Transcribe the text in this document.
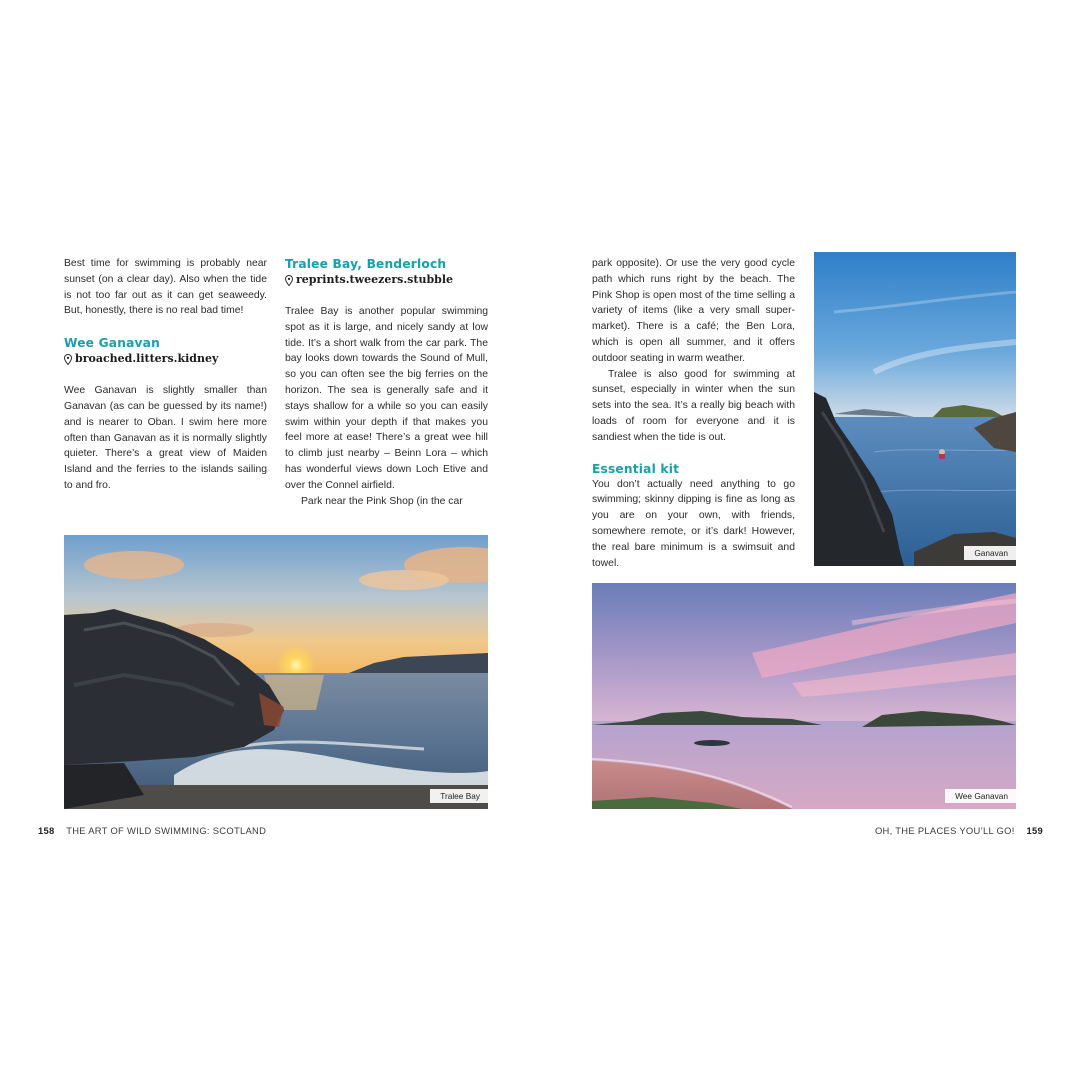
Best time for swimming is probably near sunset (on a clear day). Also when the tide is not too far out as it can get seaweedy. But, honestly, there is no real bad time!

Wee Ganavan

broached.litters.kidney

Wee Ganavan is slightly smaller than Ganavan (as can be guessed by its name!) and is nearer to Oban. I swim here more often than Ganavan as it is normally slightly quieter. There’s a great view of Maiden Island and the ferries to the islands sailing to and fro.

Tralee Bay, Benderloch

reprints.tweezers.stubble

Tralee Bay is another popular swimming spot as it is large, and nicely sandy at low tide. It’s a short walk from the car park. The bay looks down towards the Sound of Mull, so you can often see the big ferries on the horizon. The sea is generally safe and it stays shallow for a while so you can easily swim within your depth if that makes you feel more at ease! There’s a great wee hill to climb just nearby – Beinn Lora – which has wonderful views down Loch Etive and over the Connel airfield.

Park near the Pink Shop (in the car

Tralee Bay

park opposite). Or use the very good cycle path which runs right by the beach. The Pink Shop is open most of the time selling a variety of items (like a very small super-market). There is a café; the Ben Lora, which is open all summer, and it offers outdoor seating in warm weather.

Tralee is also good for swimming at sunset, especially in winter when the sun sets into the sea. It’s a really big beach with loads of room for everyone and it is sandiest when the tide is out.

Essential kit

You don’t actually need anything to go swimming; skinny dipping is fine as long as you are on your own, with friends, somewhere remote, or it’s dark! However, the real bare minimum is a swimsuit and towel.

Ganavan
Wee Ganavan
158 THE ART OF WILD SWIMMING: SCOTLAND	OH, THE PLACES YOU’LL GO! 159
